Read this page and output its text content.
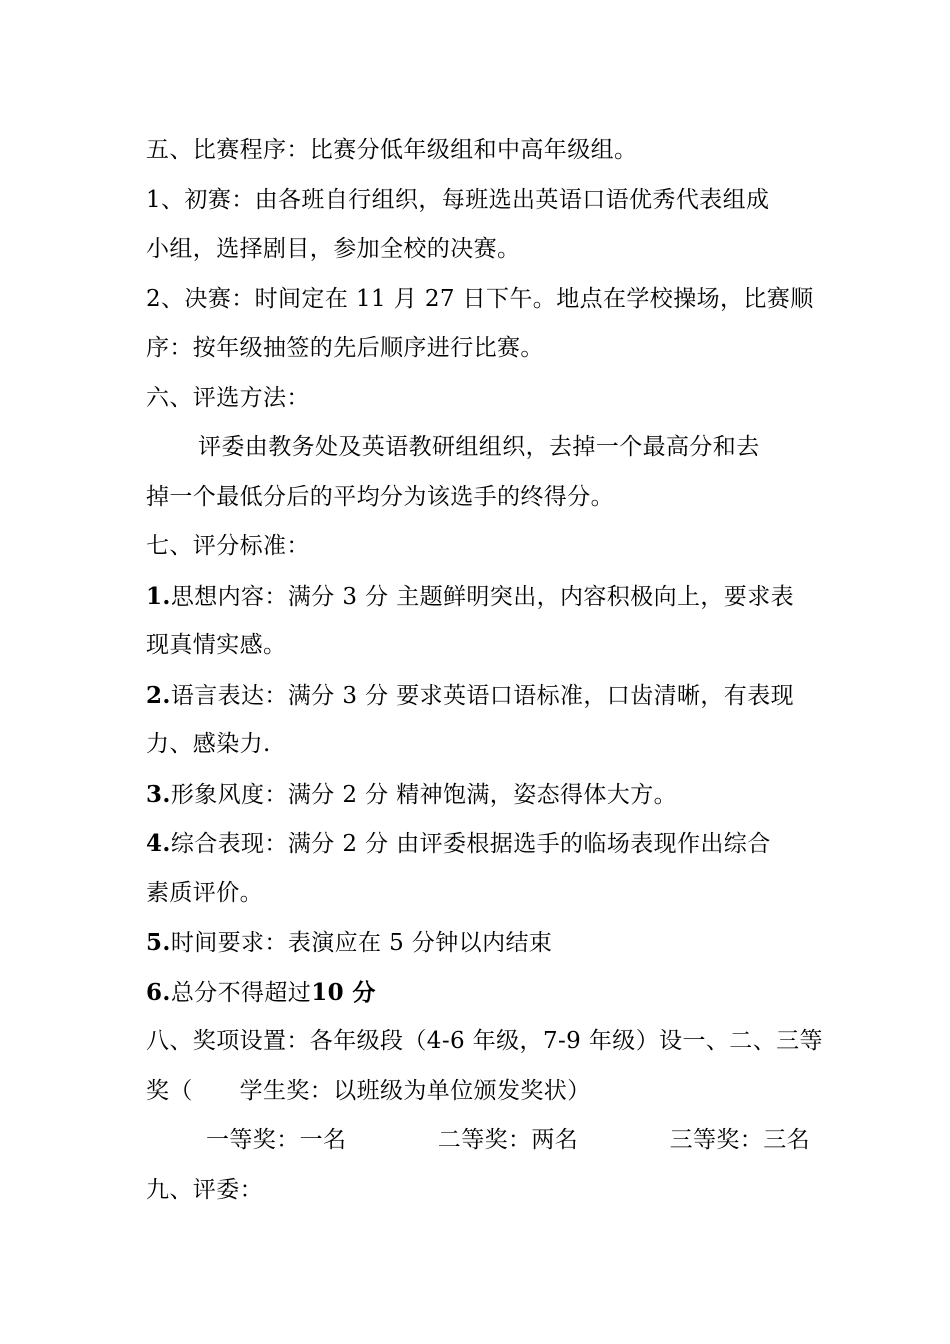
五、比赛程序：比赛分低年级组和中高年级组。
1、初赛：由各班自行组织，每班选出英语口语优秀代表组成
小组，选择剧目，参加全校的决赛。
2、决赛：时间定在 11 月 27 日下午。地点在学校操场，比赛顺
序：按年级抽签的先后顺序进行比赛。
六、评选方法：
评委由教务处及英语教研组组织，去掉一个最高分和去
掉一个最低分后的平均分为该选手的终得分。
七、评分标准：
1.思想内容：满分 3 分 主题鲜明突出，内容积极向上，要求表
现真情实感。
2.语言表达：满分 3 分 要求英语口语标准，口齿清晰，有表现
力、感染力.
3.形象风度：满分 2 分 精神饱满，姿态得体大方。
4.综合表现：满分 2 分 由评委根据选手的临场表现作出综合
素质评价。
5.时间要求：表演应在 5 分钟以内结束
6.总分不得超过10 分
八、奖项设置：各年级段（4-6 年级，7-9 年级）设一、二、三等
奖（　　学生奖：以班级为单位颁发奖状）
一等奖：一名	二等奖：两名	三等奖：三名
九、评委：
